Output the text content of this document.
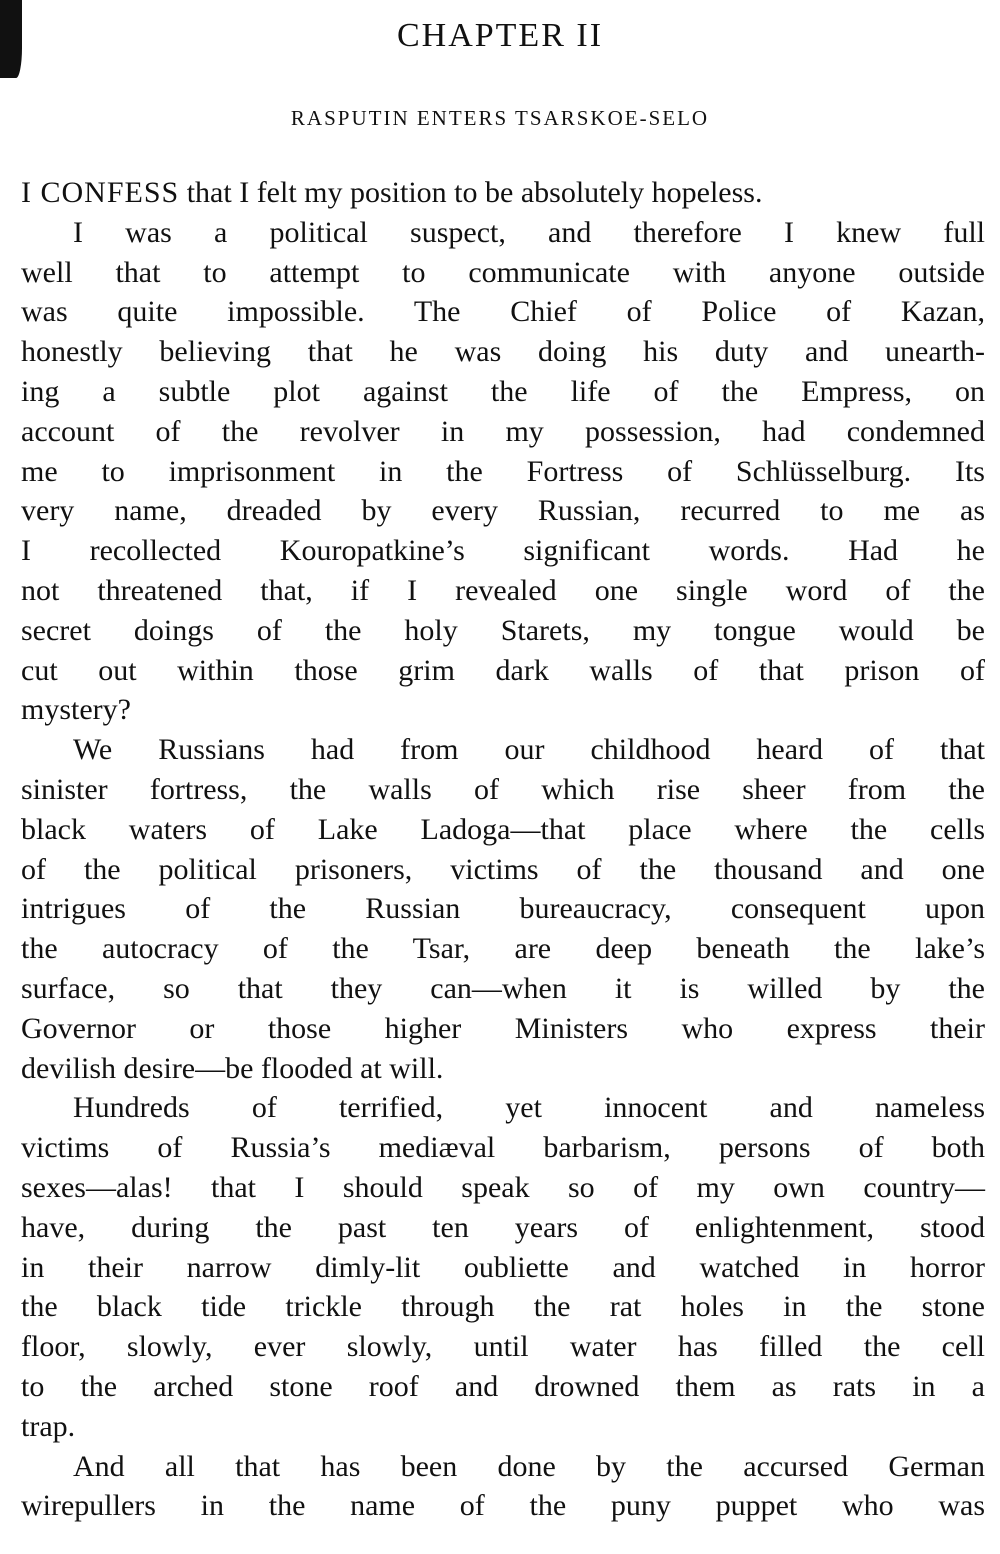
CHAPTER II
RASPUTIN ENTERS TSARSKOE-SELO
I CONFESS that I felt my position to be absolutely hopeless.
I was a political suspect, and therefore I knew full
well that to attempt to communicate with anyone outside
was quite impossible. The Chief of Police of Kazan,
honestly believing that he was doing his duty and unearth-
ing a subtle plot against the life of the Empress, on
account of the revolver in my possession, had condemned
me to imprisonment in the Fortress of Schlüsselburg. Its
very name, dreaded by every Russian, recurred to me as
I recollected Kouropatkine’s significant words. Had he
not threatened that, if I revealed one single word of the
secret doings of the holy Starets, my tongue would be
cut out within those grim dark walls of that prison of
mystery?
We Russians had from our childhood heard of that
sinister fortress, the walls of which rise sheer from the
black waters of Lake Ladoga—that place where the cells
of the political prisoners, victims of the thousand and one
intrigues of the Russian bureaucracy, consequent upon
the autocracy of the Tsar, are deep beneath the lake’s
surface, so that they can—when it is willed by the
Governor or those higher Ministers who express their
devilish desire—be flooded at will.
Hundreds of terrified, yet innocent and nameless
victims of Russia’s mediæval barbarism, persons of both
sexes—alas! that I should speak so of my own country—
have, during the past ten years of enlightenment, stood
in their narrow dimly-lit oubliette and watched in horror
the black tide trickle through the rat holes in the stone
floor, slowly, ever slowly, until water has filled the cell
to the arched stone roof and drowned them as rats in a
trap.
And all that has been done by the accursed German
wirepullers in the name of the puny puppet who was
